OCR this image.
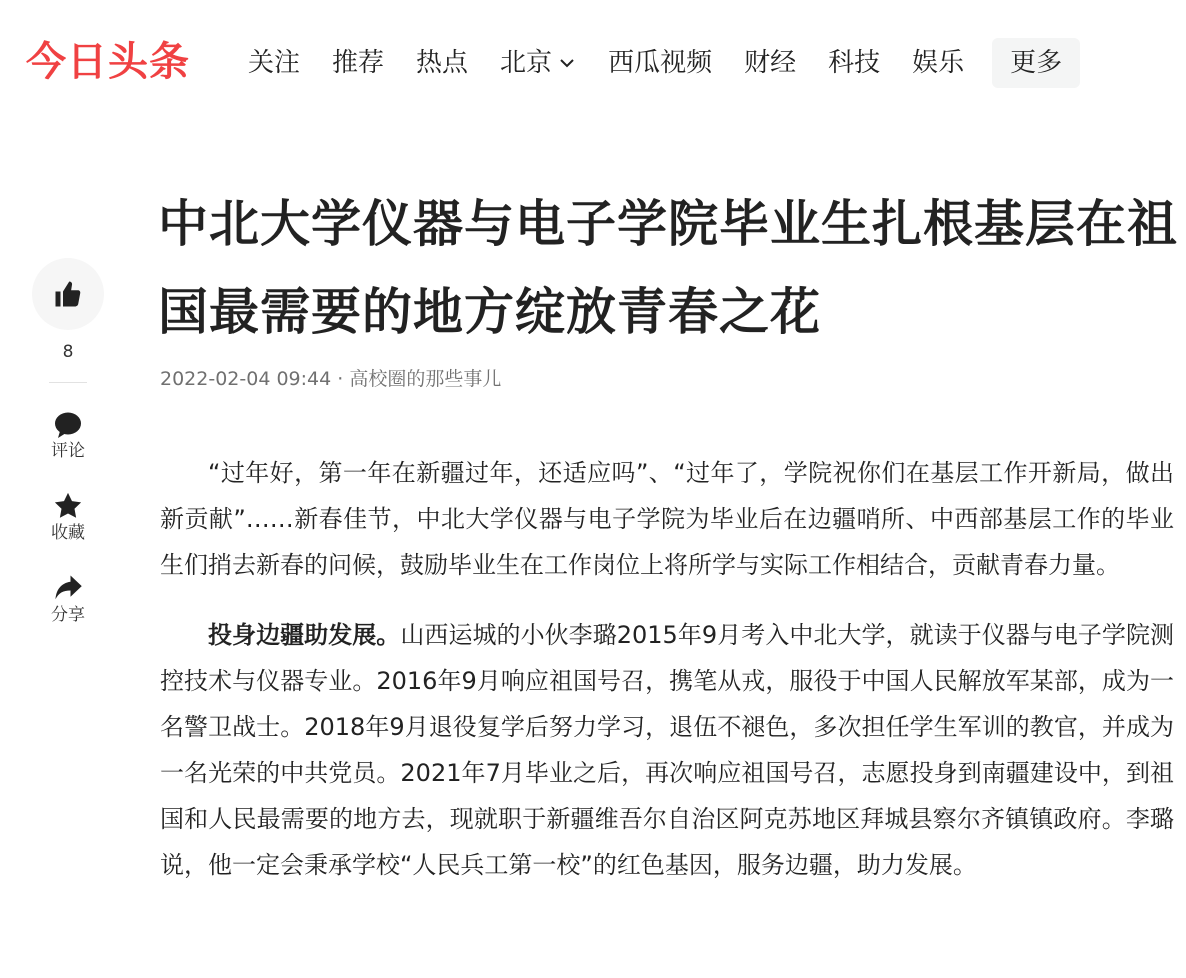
今日头条 关注 推荐 热点 北京 西瓜视频 财经 科技 娱乐 更多
8
评论
收藏
分享
中北大学仪器与电子学院毕业生扎根基层在祖国最需要的地方绽放青春之花
2022-02-04 09:44 · 高校圈的那些事儿

“过年好，第一年在新疆过年，还适应吗”、“过年了，学院祝你们在基层工作开新局，做出新贡献”……新春佳节，中北大学仪器与电子学院为毕业后在边疆哨所、中西部基层工作的毕业生们捎去新春的问候，鼓励毕业生在工作岗位上将所学与实际工作相结合，贡献青春力量。

投身边疆助发展。山西运城的小伙李璐2015年9月考入中北大学，就读于仪器与电子学院测控技术与仪器专业。2016年9月响应祖国号召，携笔从戎，服役于中国人民解放军某部，成为一名警卫战士。2018年9月退役复学后努力学习，退伍不褪色，多次担任学生军训的教官，并成为一名光荣的中共党员。2021年7月毕业之后，再次响应祖国号召，志愿投身到南疆建设中，到祖国和人民最需要的地方去，现就职于新疆维吾尔自治区阿克苏地区拜城县察尔齐镇镇政府。李璐说，他一定会秉承学校“人民兵工第一校”的红色基因，服务边疆，助力发展。
